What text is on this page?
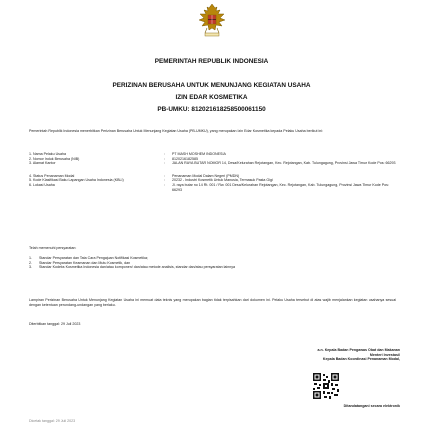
PEMERINTAH REPUBLIK INDONESIA
PERIZINAN BERUSAHA UNTUK MENUNJANG KEGIATAN USAHA
IZIN EDAR KOSMETIKA
PB-UMKU: 812021618258500061150
Pemerintah Republik Indonesia menerbitkan Perizinan Berusaha Untuk Menunjang Kegiatan Usaha (PB-UMKU), yang merupakan Izin Edar Kosmetika kepada Pelaku Usaha berikut ini:
1. Nama Pelaku Usaha	:	PT MASH MOSHEM INDONESIA
2. Nomor Induk Berusaha (NIB)	:	8120216182585
3. Alamat Kantor	:	JALAN RAYA BUTAR NOMOR 14, Desa/Kelurahan Rejotangan, Kec. Rejotangan, Kab. Tulungagung, Provinsi Jawa Timur Kode Pos: 66293
4. Status Penanaman Modal	:	Penanaman Modal Dalam Negeri (PMDN)
5. Kode Klasifikasi Baku Lapangan Usaha Indonesia (KBLI)	:	20232 - Industri Kosmetik Untuk Manusia, Termasuk Pasta Gigi
6. Lokasi Usaha	:	Jl. raya butar no 14 Rt. 001 / Rw. 001 Desa/Kelurahan Rejotangan, Kec. Rejotangan, Kab. Tulungagung, Provinsi Jawa Timur Kode Pos: 66293
Telah memenuhi persyaratan:
1.	Standar Persyaratan dan Tata Cara Pengajuan Notifikasi Kosmetika;
2.	Standar Persyaratan Keamanan dan Mutu Kosmetik, dan
3.	Standar Kodeks Kosmetika Indonesia dan/atau komponen/ dan/atau metode analisis, standar dan/atau persyaratan lainnya
Lampiran Perizinan Berusaha Untuk Menunjang Kegiatan Usaha ini memuat data teknis yang merupakan bagian tidak terpisahkan dari dokumen ini. Pelaku Usaha tersebut di atas wajib menjalankan kegiatan usahanya sesuai dengan ketentuan perundang-undangan yang berlaku.
Diterbitkan tanggal: 29 Juli 2023
a.n. Kepala Badan Pengawas Obat dan Makanan
Menteri Investasi/
Kepala Badan Koordinasi Penanaman Modal,
Ditandatangani secara elektronik
Dicetak tanggal: 29 Juli 2023
